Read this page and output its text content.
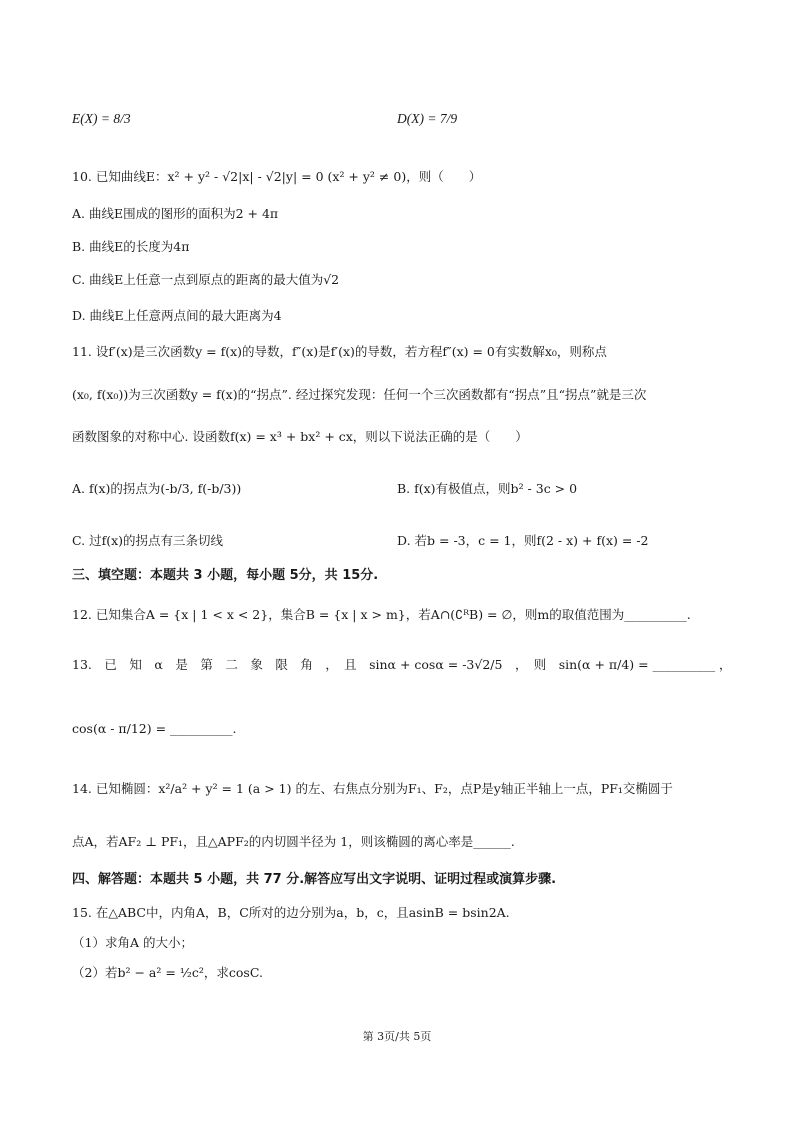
E(X) = 8/3	D(X) = 7/9
10. 已知曲线E：x² + y² - √2|x| - √2|y| = 0 (x² + y² ≠ 0)，则（　　）
A. 曲线E围成的图形的面积为2 + 4π
B. 曲线E的长度为4π
C. 曲线E上任意一点到原点的距离的最大值为√2
D. 曲线E上任意两点间的最大距离为4
11. 设f′(x)是三次函数y = f(x)的导数，f″(x)是f′(x)的导数，若方程f″(x) = 0有实数解x₀，则称点
(x₀, f(x₀))为三次函数y = f(x)的“拐点”. 经过探究发现：任何一个三次函数都有“拐点”且“拐点”就是三次
函数图象的对称中心. 设函数f(x) = x³ + bx² + cx，则以下说法正确的是（　　）
A. f(x)的拐点为(-b/3, f(-b/3))	B. f(x)有极值点，则b² - 3c > 0
C. 过f(x)的拐点有三条切线	D. 若b = -3，c = 1，则f(2 - x) + f(x) = -2
三、填空题：本题共 3 小题，每小题 5分，共 15分.
12. 已知集合A = {x | 1 < x < 2}，集合B = {x | x > m}，若A∩(∁ᴿB) = ∅，则m的取值范围为__________.
13.　已　知　α　是　第　二　象　限　角　，　且　sinα + cosα = -3√2/5　，　则　sin(α + π/4) = __________ ，
cos(α - π/12) = __________.
14. 已知椭圆：x²/a² + y² = 1 (a > 1) 的左、右焦点分别为F₁、F₂，点P是y轴正半轴上一点，PF₁交椭圆于
点A，若AF₂ ⊥ PF₁，且△APF₂的内切圆半径为 1，则该椭圆的离心率是______.
四、解答题：本题共 5 小题，共 77 分.解答应写出文字说明、证明过程或演算步骤.
15. 在△ABC中，内角A，B，C所对的边分别为a，b，c，且asinB = bsin2A.
（1）求角A 的大小；
（2）若b² − a² = ½c²，求cosC.
第 3页/共 5页
